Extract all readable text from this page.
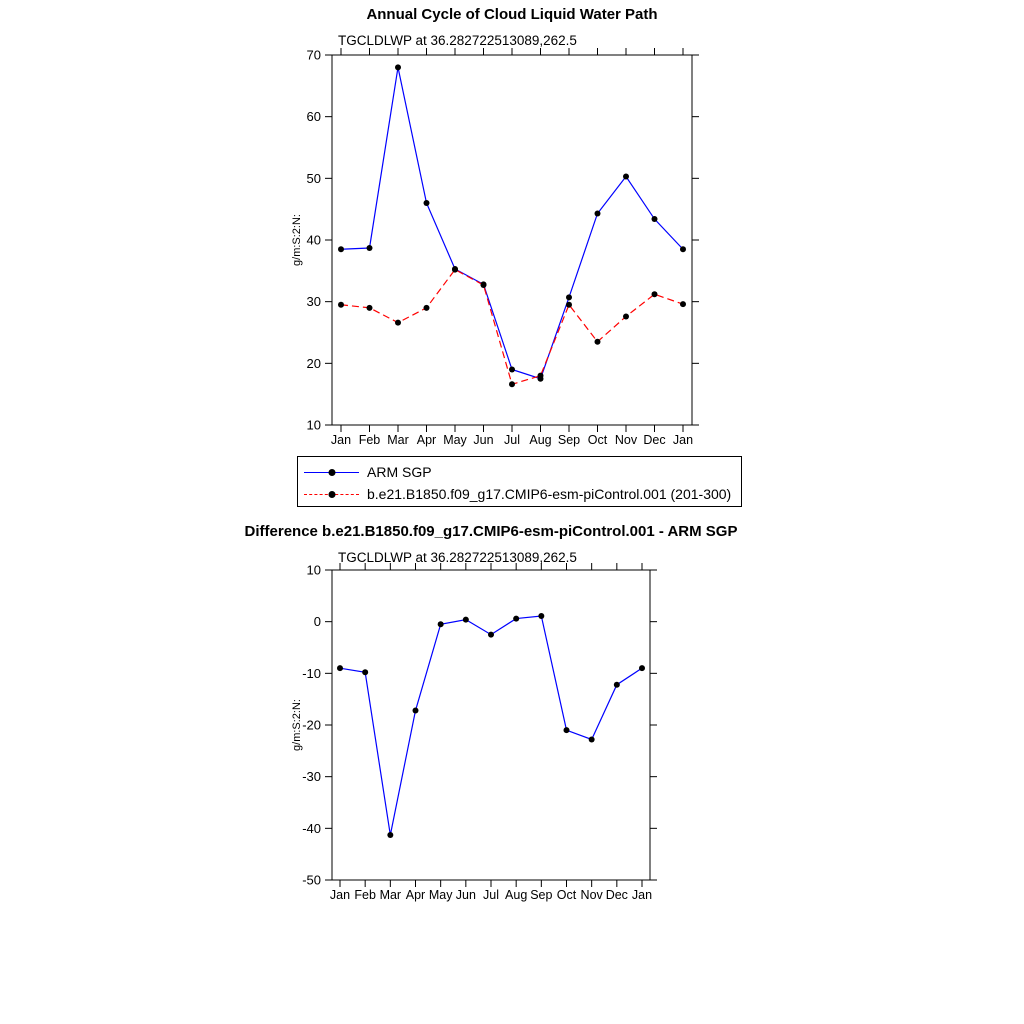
10
20
30
40
50
60
70
Jan Feb Mar Apr May Jun Jul Aug Sep Oct Nov Dec Jan
-50
-40
-30
-20
-10
0
10
Jan Feb Mar Apr May Jun Jul Aug Sep Oct Nov Dec Jan
Annual Cycle of Cloud Liquid Water Path
TGCLDLWP at 36.282722513089,262.5
g/m:S:2:N:
ARM SGP
b.e21.B1850.f09_g17.CMIP6-esm-piControl.001 (201-300)
Difference b.e21.B1850.f09_g17.CMIP6-esm-piControl.001 - ARM SGP
TGCLDLWP at 36.282722513089,262.5
g/m:S:2:N:
